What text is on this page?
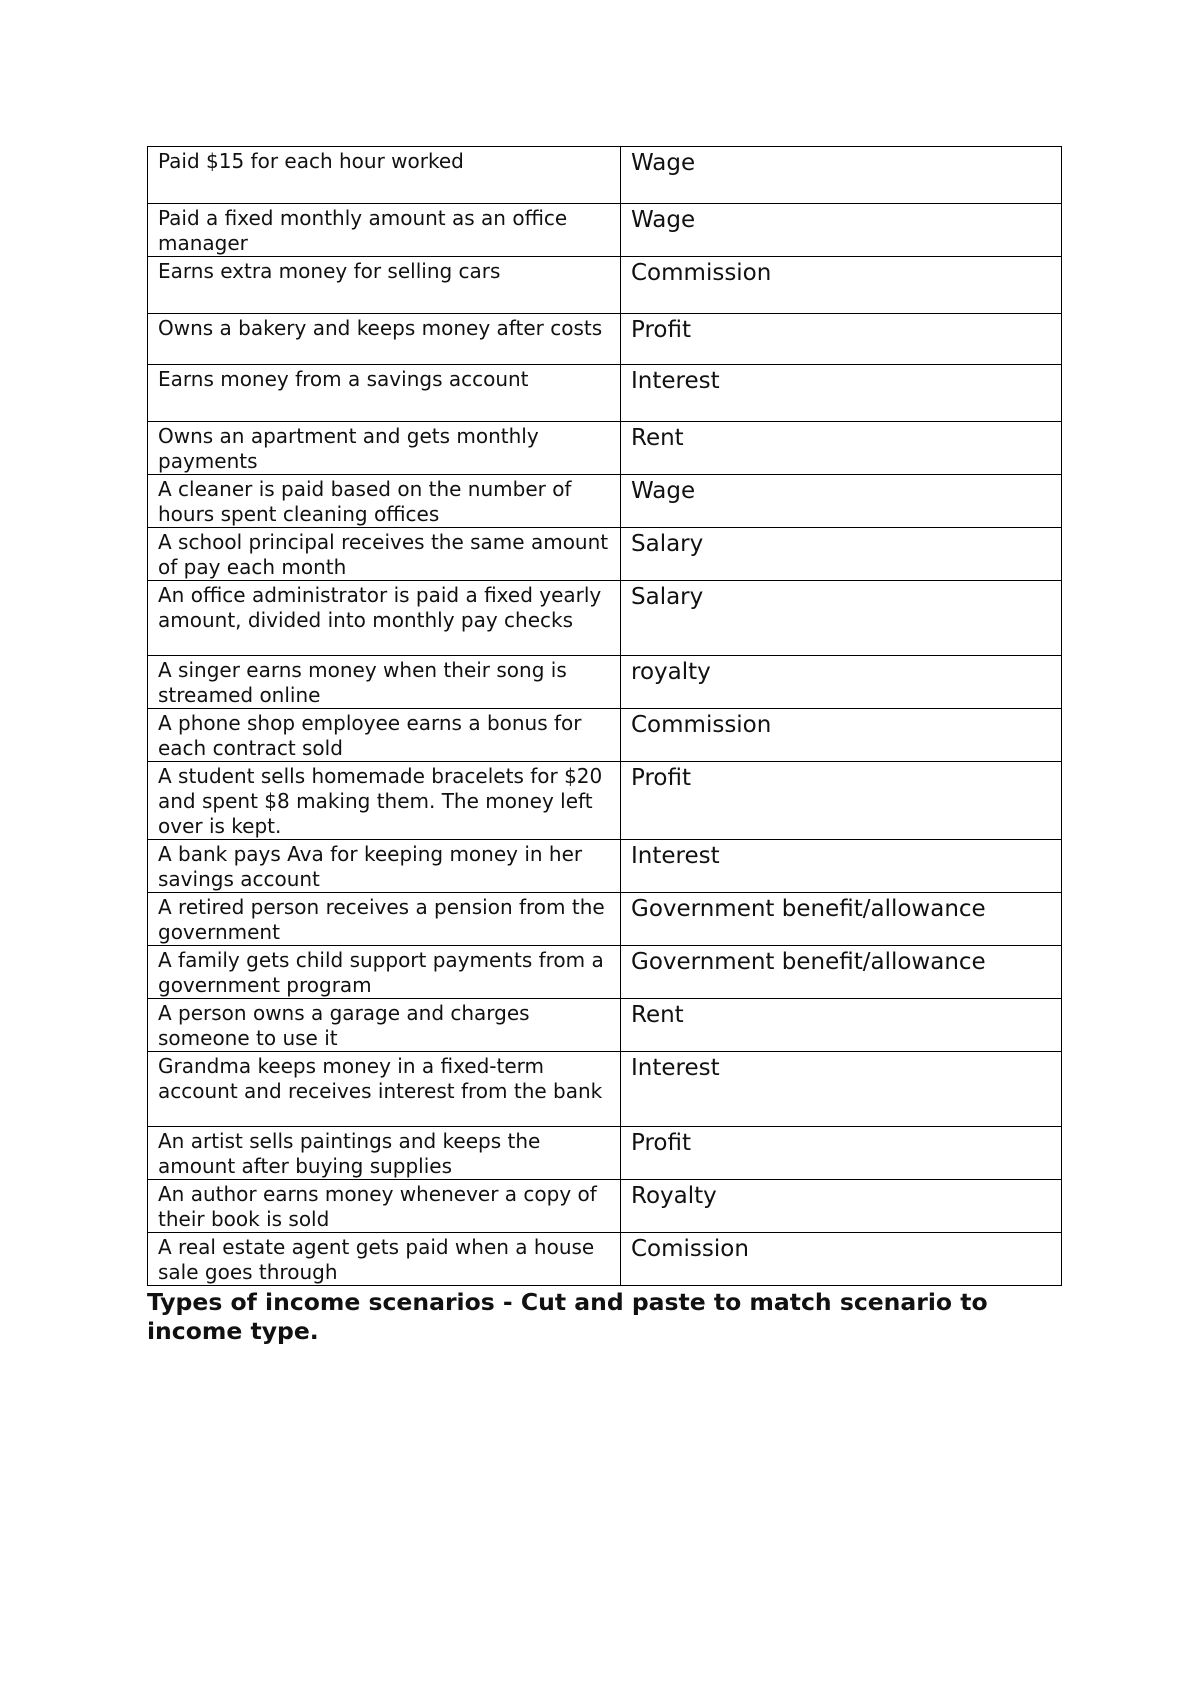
Paid $15 for each hour worked	Wage
Paid a fixed monthly amount as an office manager	Wage
Earns extra money for selling cars	Commission
Owns a bakery and keeps money after costs	Profit
Earns money from a savings account	Interest
Owns an apartment and gets monthly payments	Rent
A cleaner is paid based on the number of hours spent cleaning offices	Wage
A school principal receives the same amount of pay each month	Salary
An office administrator is paid a fixed yearly amount, divided into monthly pay checks	Salary
A singer earns money when their song is streamed online	royalty
A phone shop employee earns a bonus for each contract sold	Commission
A student sells homemade bracelets for $20 and spent $8 making them. The money left over is kept.	Profit
A bank pays Ava for keeping money in her savings account	Interest
A retired person receives a pension from the government	Government benefit/allowance
A family gets child support payments from a government program	Government benefit/allowance
A person owns a garage and charges someone to use it	Rent
Grandma keeps money in a fixed-term account and receives interest from the bank	Interest
An artist sells paintings and keeps the amount after buying supplies	Profit
An author earns money whenever a copy of their book is sold	Royalty
A real estate agent gets paid when a house sale goes through	Comission
Types of income scenarios - Cut and paste to match scenario to income type.
